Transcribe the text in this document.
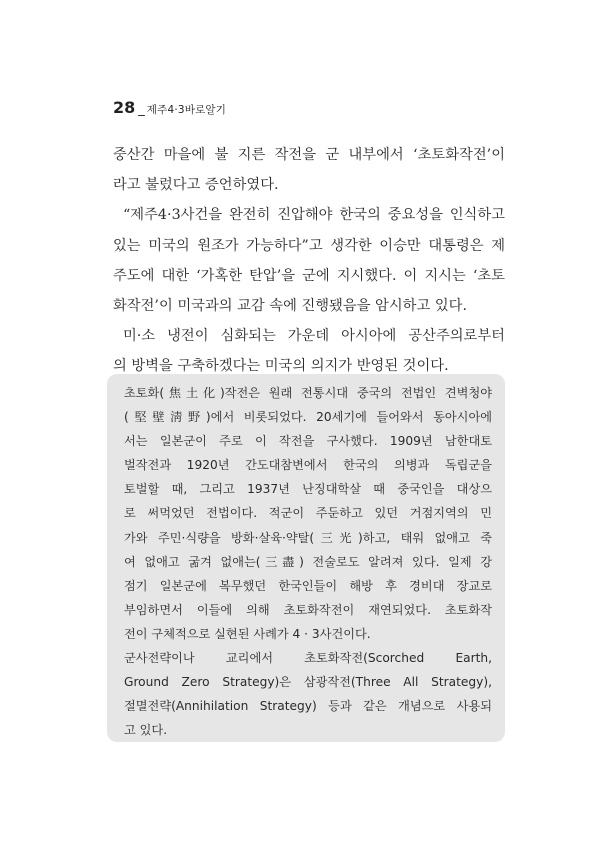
28 _ 제주4·3바로알기
중산간 마을에 불 지른 작전을 군 내부에서 ‘초토화작전’이
라고 불렀다고 증언하였다.
“제주4·3사건을 완전히 진압해야 한국의 중요성을 인식하고
있는 미국의 원조가 가능하다”고 생각한 이승만 대통령은 제
주도에 대한 ‘가혹한 탄압’을 군에 지시했다. 이 지시는 ‘초토
화작전’이 미국과의 교감 속에 진행됐음을 암시하고 있다.
미·소 냉전이 심화되는 가운데 아시아에 공산주의로부터
의 방벽을 구축하겠다는 미국의 의지가 반영된 것이다.
초토화(焦土化)작전은 원래 전통시대 중국의 전법인 견벽청야
(堅壁淸野)에서 비롯되었다. 20세기에 들어와서 동아시아에
서는 일본군이 주로 이 작전을 구사했다. 1909년 남한대토
벌작전과 1920년 간도대참변에서 한국의 의병과 독립군을
토벌할 때, 그리고 1937년 난징대학살 때 중국인을 대상으
로 써먹었던 전법이다. 적군이 주둔하고 있던 거점지역의 민
가와 주민·식량을 방화·살육·약탈(三光)하고, 태워 없애고 죽
여 없애고 굶겨 없애는(三盡) 전술로도 알려져 있다. 일제 강
점기 일본군에 복무했던 한국인들이 해방 후 경비대 장교로
부임하면서 이들에 의해 초토화작전이 재연되었다. 초토화작
전이 구체적으로 실현된 사례가 4 · 3사건이다.
군사전략이나 교리에서 초토화작전(Scorched Earth,
Ground Zero Strategy)은 삼광작전(Three All Strategy),
절멸전략(Annihilation Strategy) 등과 같은 개념으로 사용되
고 있다.
